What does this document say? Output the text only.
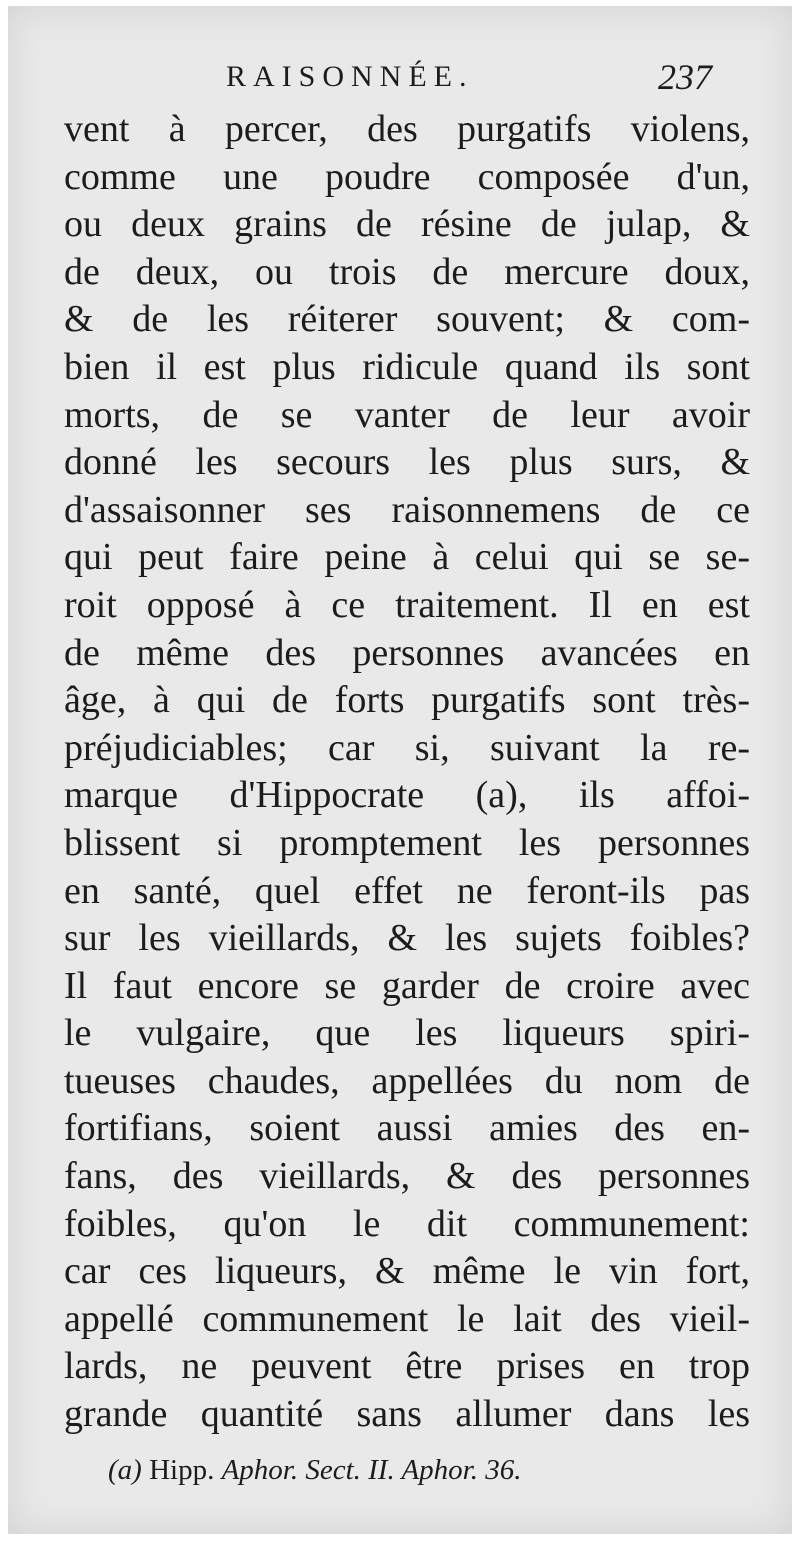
RAISONNÉE.	237
vent à percer, des purgatifs violens,
comme une poudre composée d'un,
ou deux grains de résine de julap, &
de deux, ou trois de mercure doux,
& de les réiterer souvent; & com-
bien il est plus ridicule quand ils sont
morts, de se vanter de leur avoir
donné les secours les plus surs, &
d'assaisonner ses raisonnemens de ce
qui peut faire peine à celui qui se se-
roit opposé à ce traitement. Il en est
de même des personnes avancées en
âge, à qui de forts purgatifs sont très-
préjudiciables; car si, suivant la re-
marque d'Hippocrate (a), ils affoi-
blissent si promptement les personnes
en santé, quel effet ne feront-ils pas
sur les vieillards, & les sujets foibles?
Il faut encore se garder de croire avec
le vulgaire, que les liqueurs spiri-
tueuses chaudes, appellées du nom de
fortifians, soient aussi amies des en-
fans, des vieillards, & des personnes
foibles, qu'on le dit communement:
car ces liqueurs, & même le vin fort,
appellé communement le lait des vieil-
lards, ne peuvent être prises en trop
grande quantité sans allumer dans les
(a) Hipp. Aphor. Sect. II. Aphor. 36.
